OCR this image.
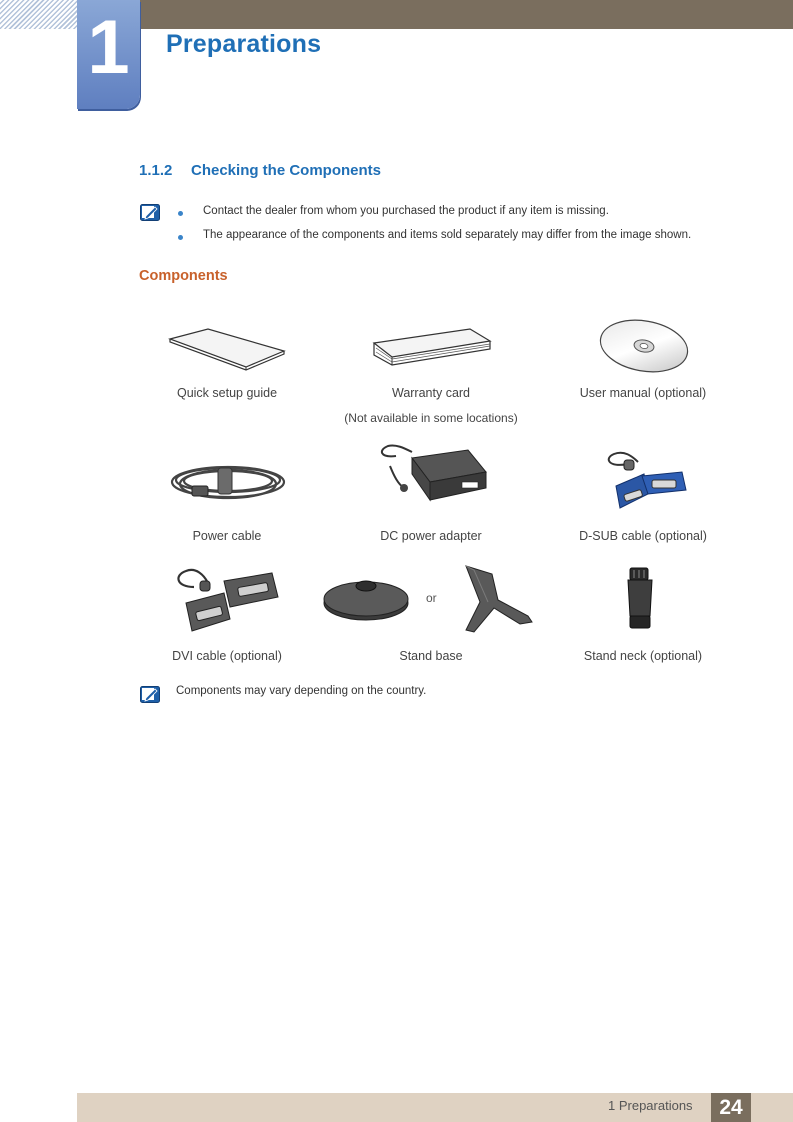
1	Preparations
1.1.2 Checking the Components
Contact the dealer from whom you purchased the product if any item is missing.
The appearance of the components and items sold separately may differ from the image shown.
Components
Quick setup guide	Warranty card
(Not available in some locations)
User manual (optional)
Power cable	DC power adapter	D-SUB cable (optional)
or
DVI cable (optional)	Stand base	Stand neck (optional)
Components may vary depending on the country.
1 Preparations	24
